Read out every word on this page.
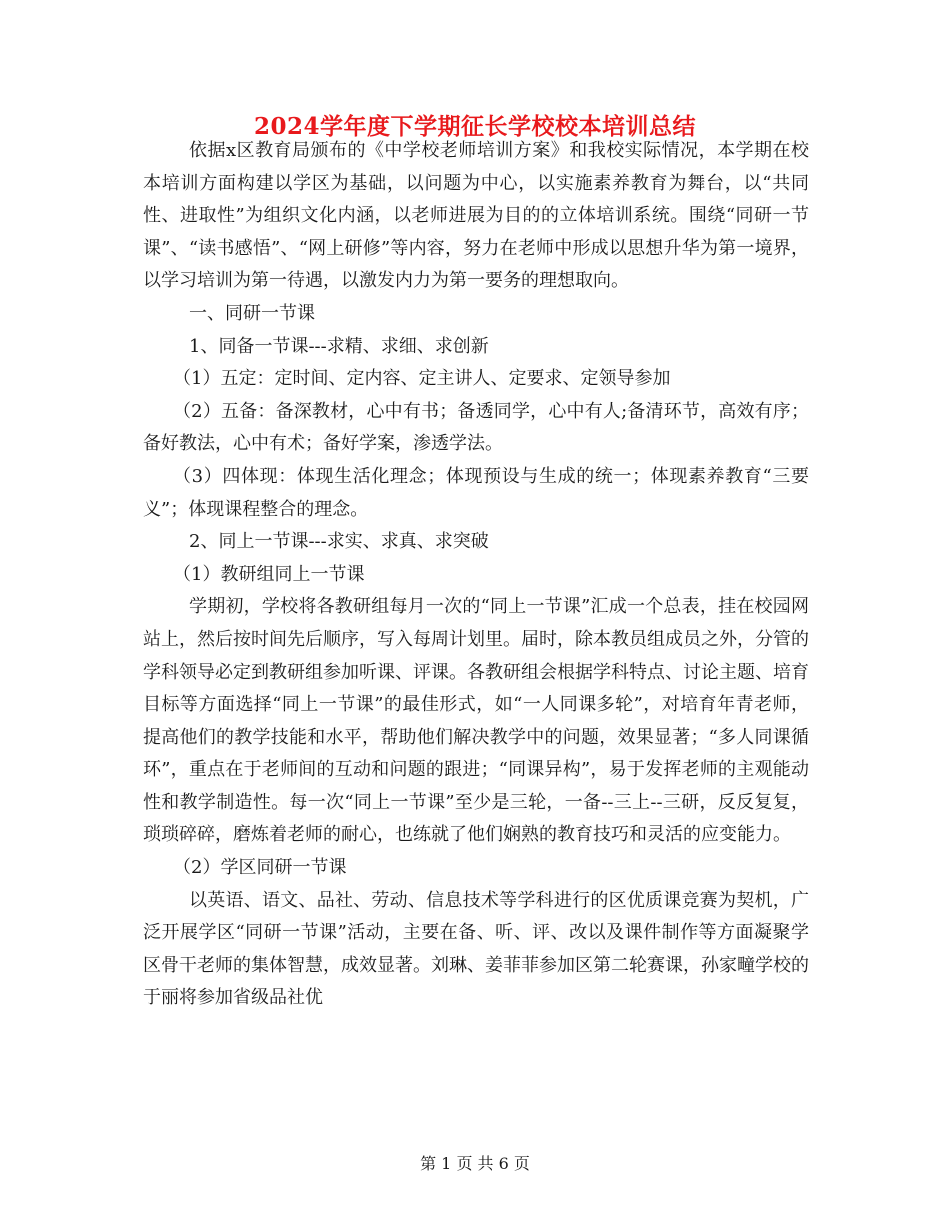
2024学年度下学期征长学校校本培训总结

依据x区教育局颁布的《中学校老师培训方案》和我校实际情况，本学期在校本培训方面构建以学区为基础，以问题为中心，以实施素养教育为舞台，以“共同性、进取性”为组织文化内涵，以老师进展为目的的立体培训系统。围绕“同研一节课”、“读书感悟”、“网上研修”等内容，努力在老师中形成以思想升华为第一境界，以学习培训为第一待遇，以激发内力为第一要务的理想取向。

一、同研一节课

1、同备一节课---求精、求细、求创新

（1）五定：定时间、定内容、定主讲人、定要求、定领导参加

（2）五备：备深教材，心中有书；备透同学，心中有人;备清环节，高效有序；备好教法，心中有术；备好学案，渗透学法。

（3）四体现：体现生活化理念；体现预设与生成的统一；体现素养教育“三要义”；体现课程整合的理念。

2、同上一节课---求实、求真、求突破

（1）教研组同上一节课

学期初，学校将各教研组每月一次的“同上一节课”汇成一个总表，挂在校园网站上，然后按时间先后顺序，写入每周计划里。届时，除本教员组成员之外，分管的学科领导必定到教研组参加听课、评课。各教研组会根据学科特点、讨论主题、培育目标等方面选择“同上一节课”的最佳形式，如“一人同课多轮”，对培育年青老师，提高他们的教学技能和水平，帮助他们解决教学中的问题，效果显著；“多人同课循环”，重点在于老师间的互动和问题的跟进；“同课异构”，易于发挥老师的主观能动性和教学制造性。每一次“同上一节课”至少是三轮，一备--三上--三研，反反复复，琐琐碎碎，磨炼着老师的耐心，也练就了他们娴熟的教育技巧和灵活的应变能力。

（2）学区同研一节课

以英语、语文、品社、劳动、信息技术等学科进行的区优质课竞赛为契机，广泛开展学区“同研一节课”活动，主要在备、听、评、改以及课件制作等方面凝聚学区骨干老师的集体智慧，成效显著。刘琳、姜菲菲参加区第二轮赛课，孙家疃学校的于丽将参加省级品社优

第 1 页 共 6 页
